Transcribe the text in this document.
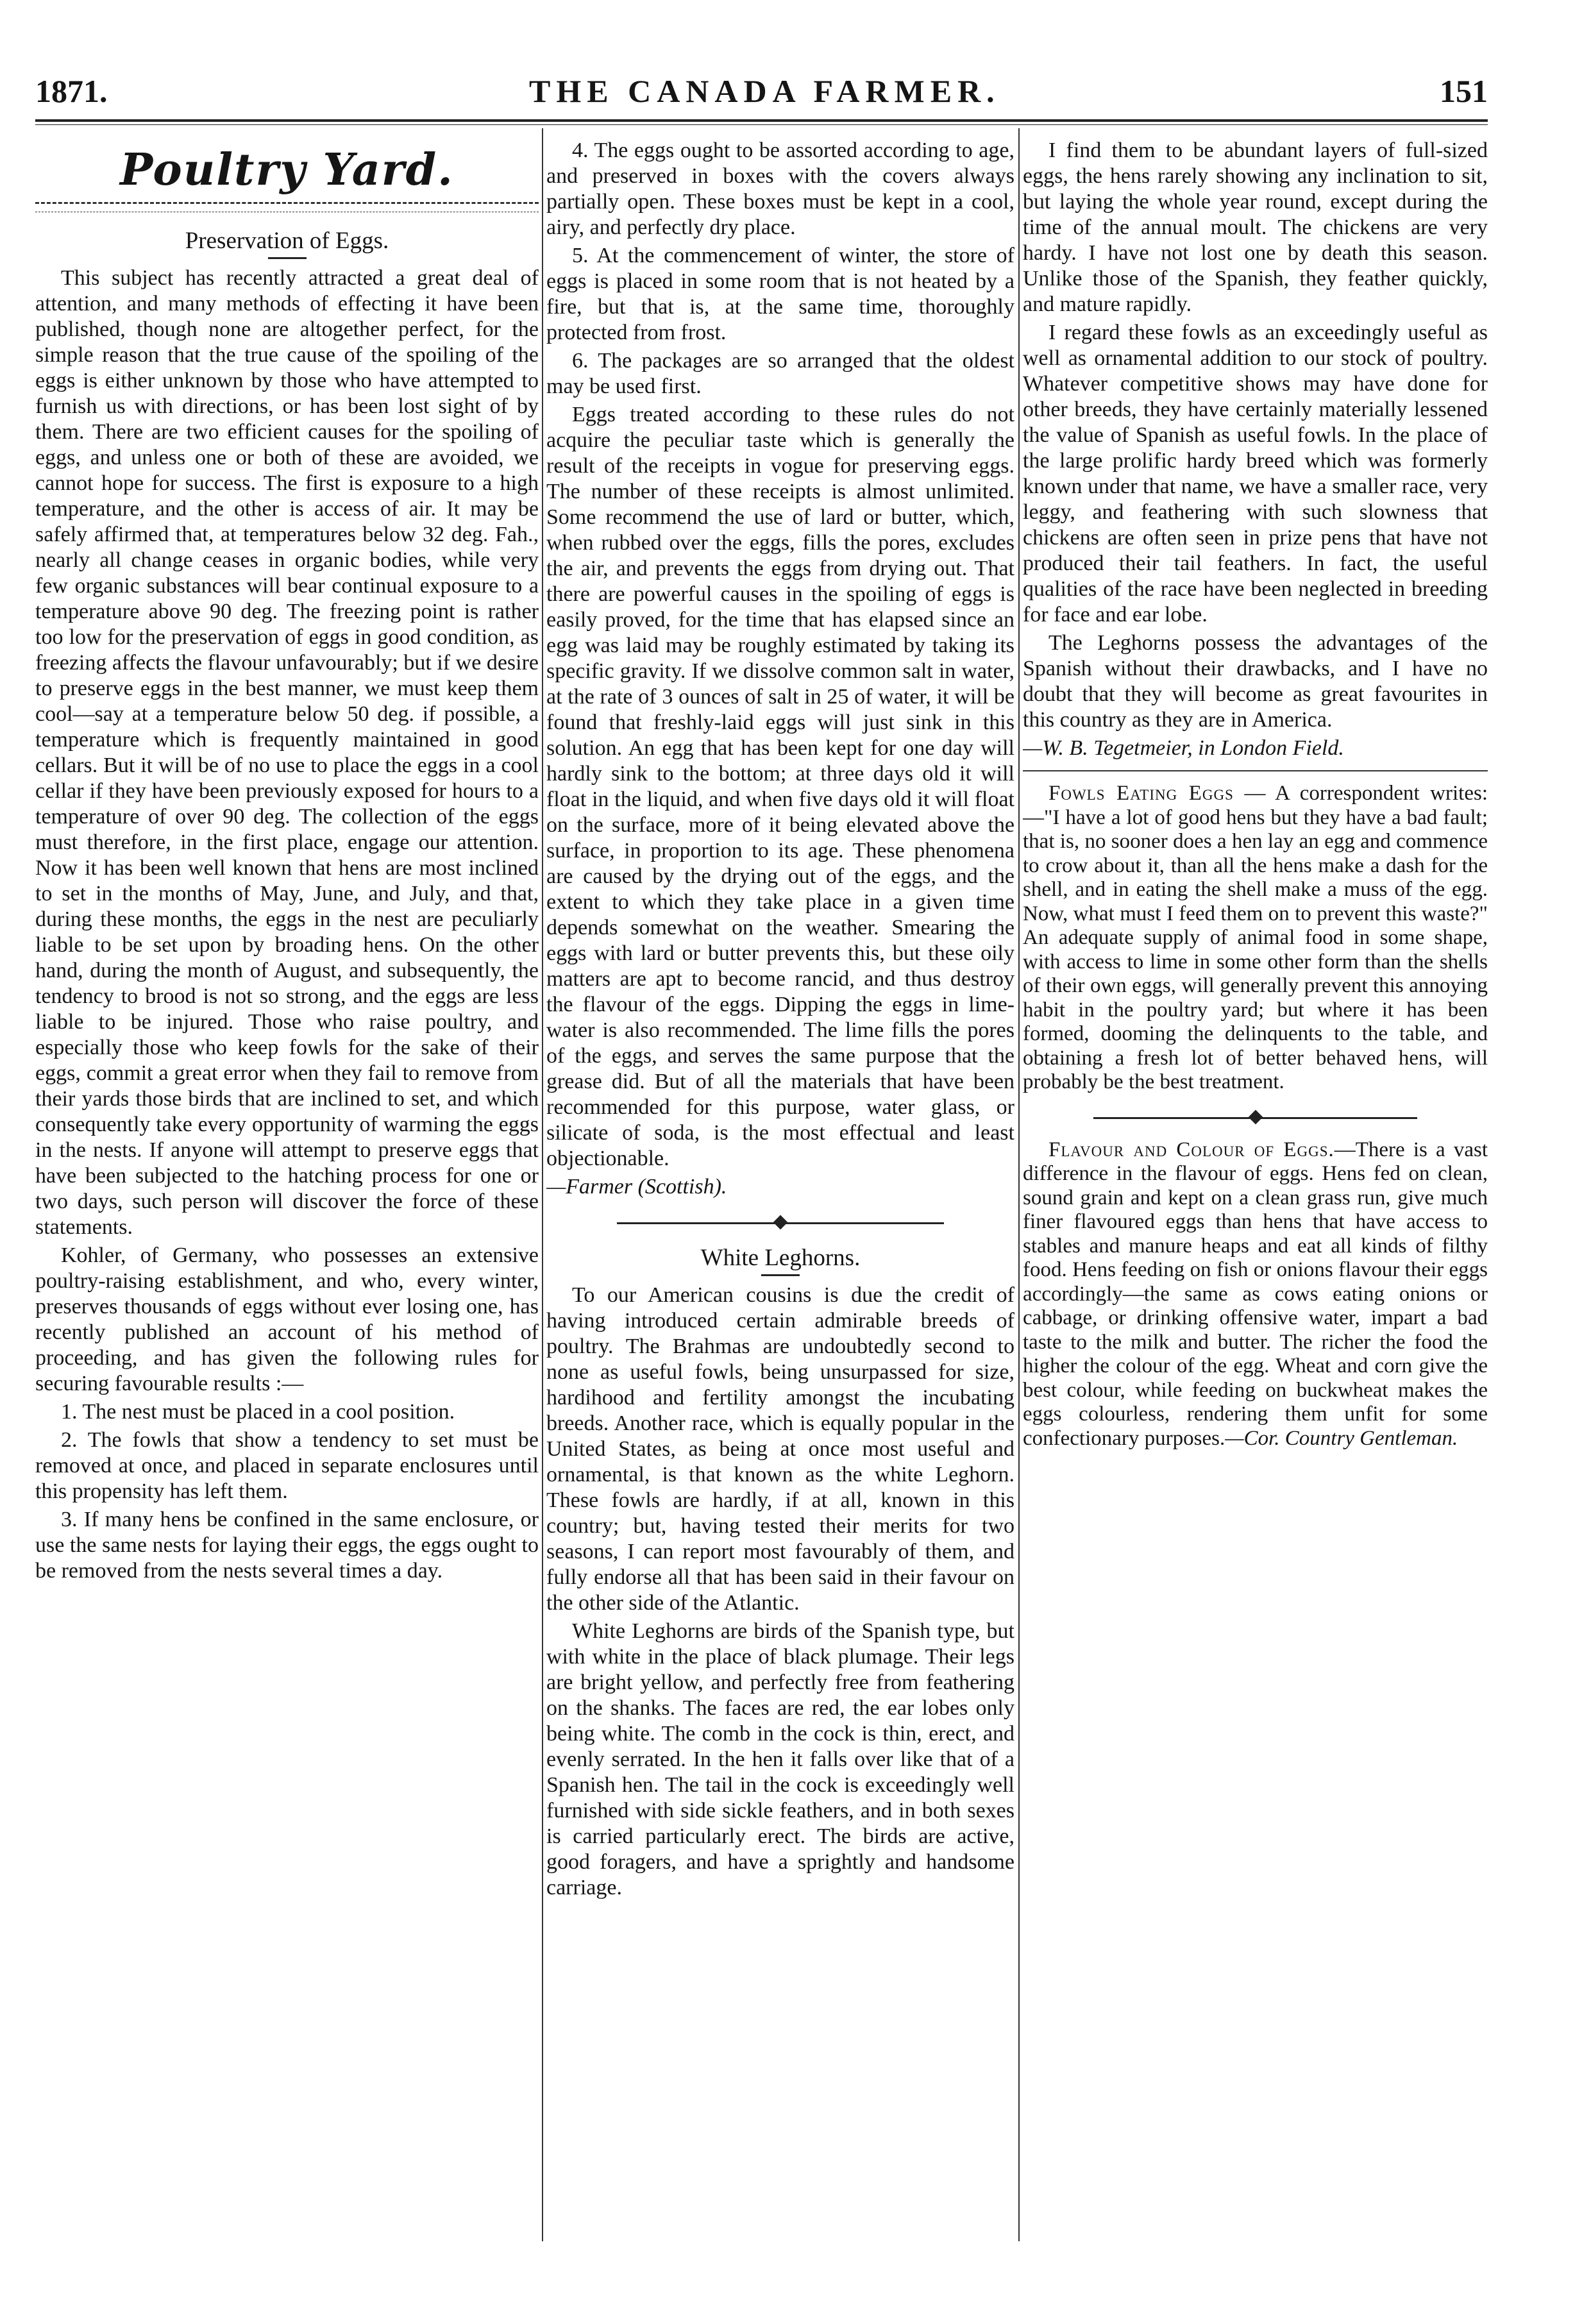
1871.	THE CANADA FARMER.	151
Poultry Yard.
Preservation of Eggs.

This subject has recently attracted a great deal of attention, and many methods of effecting it have been published, though none are altogether perfect, for the simple reason that the true cause of the spoiling of the eggs is either unknown by those who have attempted to furnish us with directions, or has been lost sight of by them. There are two efficient causes for the spoiling of eggs, and unless one or both of these are avoided, we cannot hope for success. The first is exposure to a high temperature, and the other is access of air. It may be safely affirmed that, at temperatures below 32 deg. Fah., nearly all change ceases in organic bodies, while very few organic substances will bear continual exposure to a temperature above 90 deg. The freezing point is rather too low for the preservation of eggs in good condition, as freezing affects the flavour unfavourably; but if we desire to preserve eggs in the best manner, we must keep them cool—say at a temperature below 50 deg. if possible, a temperature which is frequently maintained in good cellars. But it will be of no use to place the eggs in a cool cellar if they have been previously exposed for hours to a temperature of over 90 deg. The collection of the eggs must therefore, in the first place, engage our attention. Now it has been well known that hens are most inclined to set in the months of May, June, and July, and that, during these months, the eggs in the nest are peculiarly liable to be set upon by broading hens. On the other hand, during the month of August, and subsequently, the tendency to brood is not so strong, and the eggs are less liable to be injured. Those who raise poultry, and especially those who keep fowls for the sake of their eggs, commit a great error when they fail to remove from their yards those birds that are inclined to set, and which consequently take every opportunity of warming the eggs in the nests. If anyone will attempt to preserve eggs that have been subjected to the hatching process for one or two days, such person will discover the force of these statements.

Kohler, of Germany, who possesses an extensive poultry-raising establishment, and who, every winter, preserves thousands of eggs without ever losing one, has recently published an account of his method of proceeding, and has given the following rules for securing favourable results :—

1. The nest must be placed in a cool position.

2. The fowls that show a tendency to set must be removed at once, and placed in separate enclosures until this propensity has left them.

3. If many hens be confined in the same enclosure, or use the same nests for laying their eggs, the eggs ought to be removed from the nests several times a day.

4. The eggs ought to be assorted according to age, and preserved in boxes with the covers always partially open. These boxes must be kept in a cool, airy, and perfectly dry place.

5. At the commencement of winter, the store of eggs is placed in some room that is not heated by a fire, but that is, at the same time, thoroughly protected from frost.

6. The packages are so arranged that the oldest may be used first.

Eggs treated according to these rules do not acquire the peculiar taste which is generally the result of the receipts in vogue for preserving eggs. The number of these receipts is almost unlimited. Some recommend the use of lard or butter, which, when rubbed over the eggs, fills the pores, excludes the air, and prevents the eggs from drying out. That there are powerful causes in the spoiling of eggs is easily proved, for the time that has elapsed since an egg was laid may be roughly estimated by taking its specific gravity. If we dissolve common salt in water, at the rate of 3 ounces of salt in 25 of water, it will be found that freshly-laid eggs will just sink in this solution. An egg that has been kept for one day will hardly sink to the bottom; at three days old it will float in the liquid, and when five days old it will float on the surface, more of it being elevated above the surface, in proportion to its age. These phenomena are caused by the drying out of the eggs, and the extent to which they take place in a given time depends somewhat on the weather. Smearing the eggs with lard or butter prevents this, but these oily matters are apt to become rancid, and thus destroy the flavour of the eggs. Dipping the eggs in lime-water is also recommended. The lime fills the pores of the eggs, and serves the same purpose that the grease did. But of all the materials that have been recommended for this purpose, water glass, or silicate of soda, is the most effectual and least objectionable.

—Farmer (Scottish).

White Leghorns.

To our American cousins is due the credit of having introduced certain admirable breeds of poultry. The Brahmas are undoubtedly second to none as useful fowls, being unsurpassed for size, hardihood and fertility amongst the incubating breeds. Another race, which is equally popular in the United States, as being at once most useful and ornamental, is that known as the white Leghorn. These fowls are hardly, if at all, known in this country; but, having tested their merits for two seasons, I can report most favourably of them, and fully endorse all that has been said in their favour on the other side of the Atlantic.

White Leghorns are birds of the Spanish type, but with white in the place of black plumage. Their legs are bright yellow, and perfectly free from feathering on the shanks. The faces are red, the ear lobes only being white. The comb in the cock is thin, erect, and evenly serrated. In the hen it falls over like that of a Spanish hen. The tail in the cock is exceedingly well furnished with side sickle feathers, and in both sexes is carried particularly erect. The birds are active, good foragers, and have a sprightly and handsome carriage.

I find them to be abundant layers of full-sized eggs, the hens rarely showing any inclination to sit, but laying the whole year round, except during the time of the annual moult. The chickens are very hardy. I have not lost one by death this season. Unlike those of the Spanish, they feather quickly, and mature rapidly.

I regard these fowls as an exceedingly useful as well as ornamental addition to our stock of poultry. Whatever competitive shows may have done for other breeds, they have certainly materially lessened the value of Spanish as useful fowls. In the place of the large prolific hardy breed which was formerly known under that name, we have a smaller race, very leggy, and feathering with such slowness that chickens are often seen in prize pens that have not produced their tail feathers. In fact, the useful qualities of the race have been neglected in breeding for face and ear lobe.

The Leghorns possess the advantages of the Spanish without their drawbacks, and I have no doubt that they will become as great favourites in this country as they are in America.

—W. B. Tegetmeier, in London Field.

Fowls Eating Eggs — A correspondent writes:—"I have a lot of good hens but they have a bad fault; that is, no sooner does a hen lay an egg and commence to crow about it, than all the hens make a dash for the shell, and in eating the shell make a muss of the egg. Now, what must I feed them on to prevent this waste?" An adequate supply of animal food in some shape, with access to lime in some other form than the shells of their own eggs, will generally prevent this annoying habit in the poultry yard; but where it has been formed, dooming the delinquents to the table, and obtaining a fresh lot of better behaved hens, will probably be the best treatment.

Flavour and Colour of Eggs.—There is a vast difference in the flavour of eggs. Hens fed on clean, sound grain and kept on a clean grass run, give much finer flavoured eggs than hens that have access to stables and manure heaps and eat all kinds of filthy food. Hens feeding on fish or onions flavour their eggs accordingly—the same as cows eating onions or cabbage, or drinking offensive water, impart a bad taste to the milk and butter. The richer the food the higher the colour of the egg. Wheat and corn give the best colour, while feeding on buckwheat makes the eggs colourless, rendering them unfit for some confectionary purposes.—Cor. Country Gentleman.
